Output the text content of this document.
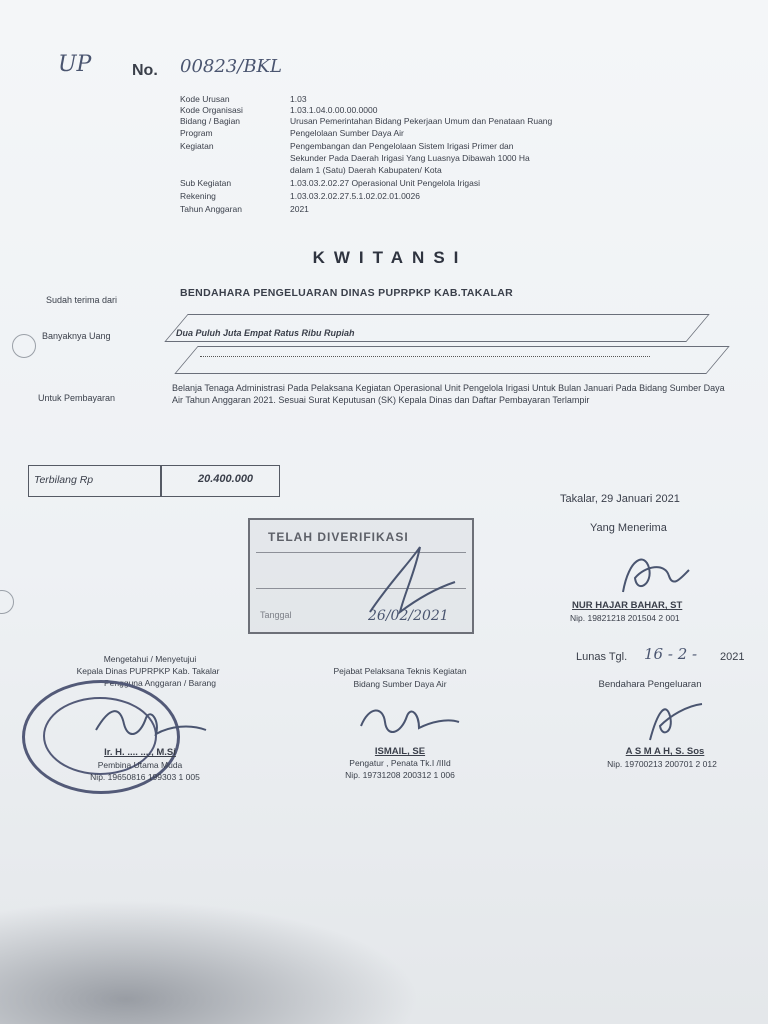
UP	No. 00823/BKL
Kode Urusan	1.03
Kode Organisasi	1.03.1.04.0.00.00.0000
Bidang / Bagian	Urusan Pemerintahan Bidang Pekerjaan Umum dan Penataan Ruang
Program	Pengelolaan Sumber Daya Air
Kegiatan	Pengembangan dan Pengelolaan Sistem Irigasi Primer dan
Sekunder Pada Daerah Irigasi Yang Luasnya Dibawah 1000 Ha
dalam 1 (Satu) Daerah Kabupaten/ Kota
Sub Kegiatan	1.03.03.2.02.27 Operasional Unit Pengelola Irigasi
Rekening	1.03.03.2.02.27.5.1.02.02.01.0026
Tahun Anggaran	2021
KWITANSI
Sudah terima dari
BENDAHARA PENGELUARAN DINAS PUPRPKP KAB.TAKALAR
Banyaknya Uang	Dua Puluh Juta Empat Ratus Ribu Rupiah
Untuk Pembayaran
Belanja Tenaga Administrasi Pada Pelaksana Kegiatan Operasional Unit Pengelola Irigasi Untuk Bulan Januari Pada Bidang Sumber Daya Air Tahun Anggaran 2021. Sesuai Surat Keputusan (SK) Kepala Dinas dan Daftar Pembayaran Terlampir
Terbilang Rp	20.400.000
Takalar, 29 Januari 2021
TELAH DIVERIFIKASI
Tanggal	26/02/2021
Yang Menerima
NUR HAJAR BAHAR, ST
Nip. 19821218 201504 2 001
Lunas Tgl. 16 - 2 - 2021
Mengetahui / Menyetujui
Kepala Dinas PUPRPKP Kab. Takalar
Pengguna Anggaran / Barang
Ir. H. .... ...., M.Si
Pembina Utama Muda
Nip. 19650816 199303 1 005
Pejabat Pelaksana Teknis Kegiatan
Bidang Sumber Daya Air
ISMAIL, SE
Pengatur , Penata Tk.I /IIId
Nip. 19731208 200312 1 006
Bendahara Pengeluaran
A S M A H, S. Sos
Nip. 19700213 200701 2 012
